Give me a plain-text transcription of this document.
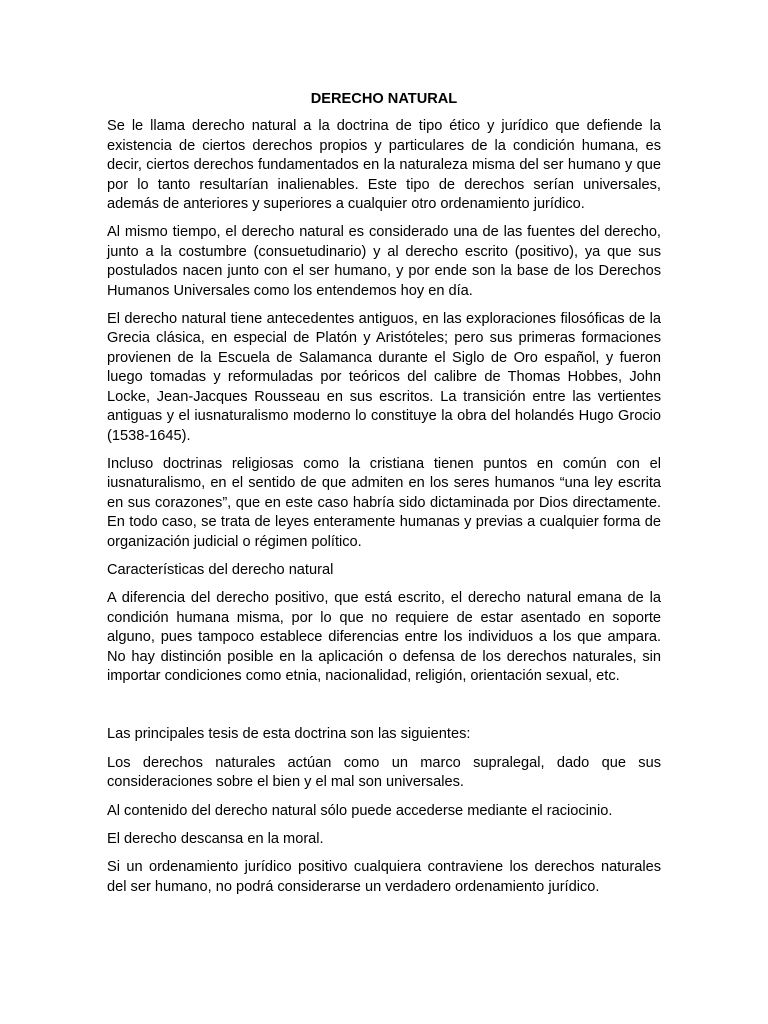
DERECHO NATURAL

Se le llama derecho natural a la doctrina de tipo ético y jurídico que defiende la existencia de ciertos derechos propios y particulares de la condición humana, es decir, ciertos derechos fundamentados en la naturaleza misma del ser humano y que por lo tanto resultarían inalienables. Este tipo de derechos serían universales, además de anteriores y superiores a cualquier otro ordenamiento jurídico.

Al mismo tiempo, el derecho natural es considerado una de las fuentes del derecho, junto a la costumbre (consuetudinario) y al derecho escrito (positivo), ya que sus postulados nacen junto con el ser humano, y por ende son la base de los Derechos Humanos Universales como los entendemos hoy en día.

El derecho natural tiene antecedentes antiguos, en las exploraciones filosóficas de la Grecia clásica, en especial de Platón y Aristóteles; pero sus primeras formaciones provienen de la Escuela de Salamanca durante el Siglo de Oro español, y fueron luego tomadas y reformuladas por teóricos del calibre de Thomas Hobbes, John Locke, Jean-Jacques Rousseau en sus escritos. La transición entre las vertientes antiguas y el iusnaturalismo moderno lo constituye la obra del holandés Hugo Grocio (1538-1645).

Incluso doctrinas religiosas como la cristiana tienen puntos en común con el iusnaturalismo, en el sentido de que admiten en los seres humanos “una ley escrita en sus corazones”, que en este caso habría sido dictaminada por Dios directamente. En todo caso, se trata de leyes enteramente humanas y previas a cualquier forma de organización judicial o régimen político.

Características del derecho natural

A diferencia del derecho positivo, que está escrito, el derecho natural emana de la condición humana misma, por lo que no requiere de estar asentado en soporte alguno, pues tampoco establece diferencias entre los individuos a los que ampara. No hay distinción posible en la aplicación o defensa de los derechos naturales, sin importar condiciones como etnia, nacionalidad, religión, orientación sexual, etc.

Las principales tesis de esta doctrina son las siguientes:

Los derechos naturales actúan como un marco supralegal, dado que sus consideraciones sobre el bien y el mal son universales.

Al contenido del derecho natural sólo puede accederse mediante el raciocinio.

El derecho descansa en la moral.

Si un ordenamiento jurídico positivo cualquiera contraviene los derechos naturales del ser humano, no podrá considerarse un verdadero ordenamiento jurídico.
